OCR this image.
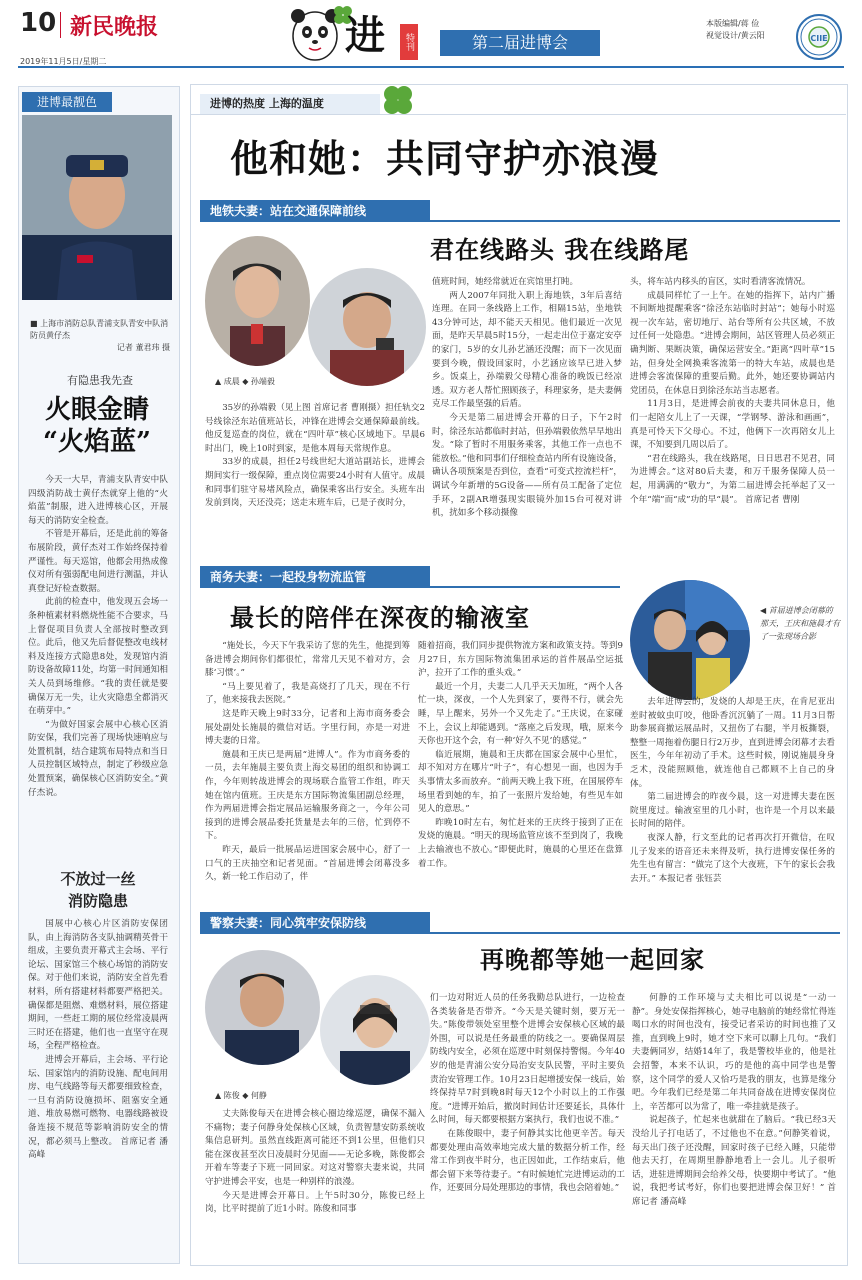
10 新民晚报
2019年11月5日/星期二
进	特刊	第二届进博会
本版编辑/蒋 俭
视觉设计/黄云阳	CIIE
进博最靓色
■ 上海市消防总队青浦支队青安中队消防员黄仔杰
记者 董君玮 摄
有隐患我先查
火眼金睛
“火焰蓝”

今天一大早，青浦支队青安中队四级消防战士黄仔杰就穿上他的“火焰蓝”制服，进入进博核心区，开展每天的消防安全检查。

不管是开幕后，还是此前的筹备布展阶段，黄仔杰对工作始终保持着严谨性。每天巡馆，他都会用热成像仪对所有强弱配电间进行测温，并认真登记好检查数据。

此前的检查中，他发现五会场一条种植素材料燃烧性能不合要求，马上督促项目负责人全部按时整改到位。此后，他又先后督促整改电线材料及连接方式隐患8处，发现馆内消防设备故障11处，均第一时间通知相关人员到场维修。“我的责任就是要确保万无一失，让火灾隐患全都消灭在萌芽中。”

“为做好国家会展中心核心区消防安保，我们完善了现场快速响应与处置机制，结合建筑布局特点和当日人员控制区域特点，制定了秒级应急处置预案，确保核心区消防安全。”黄仔杰说。

不放过一丝
消防隐患

国展中心核心片区消防安保团队，由上海消防各支队抽调精英骨干组成，主要负责开幕式主会场、平行论坛、国家馆三个核心场馆的消防安保。对于他们来说，消防安全首先看材料，所有搭建材料都要严格把关。确保都是阻燃、难燃材料，展位搭建期间，一些赶工期的展位经常凌晨两三时还在搭建，他们也一直坚守在现场，全程严格检查。

进博会开幕后，主会场、平行论坛、国家馆内的消防设施、配电间用房、电气线路等每天都要细致检查，一旦有消防设施损坏、阻塞安全通道、堆放易燃可燃物、电器线路被设备连接不规范等影响消防安全的情况，都必须马上整改。 首席记者 潘高峰

进博的热度 上海的温度
他和她：共同守护亦浪漫
地铁夫妻：站在交通保障前线
君在线路头 我在线路尾
▲ 成晨 ◆ 孙端毅

35岁的孙端毅（见上图 首席记者 曹刚摄）担任轨交2号线徐泾东站值班站长，冲锋在进博会交通保障最前线。他反复巡查的岗位，就在“四叶草”核心区域地下。早晨6时出门，晚上10时到家，是他本周每天常规作息。

33岁的成晨，担任2号线世纪大道站副站长，进博会期间实行一级保障，重点岗位需要24小时有人值守。成晨和同事们驻守易堵风险点，确保乘客出行安全。头班车出发前到岗，天还没亮；送走末班车后，已是子夜时分，

值班时间，她经常就近在宾馆里打盹。

两人2007年同批入职上海地铁，3年后喜结连理。在同一条线路上工作，相隔15站，坐地铁43分钟可达，却不能天天相见。他们最近一次见面，是昨天早晨5时15分，一起走出位于嘉定安亭的家门，5岁的女儿孙艺涵还没醒；而下一次见面要到今晚，假设回家时，小艺涵应该早已进入梦乡。饭桌上，孙端毅父母精心准备的晚饭已经凉透。双方老人帮忙照顾孩子，科理家务，是夫妻俩克尽工作最坚强的后盾。

今天是第二届进博会开幕的日子，下午2时时，徐泾东站都临时封站，但孙端毅依然早早地出发。“除了暂时不用服务乘客，其他工作一点也不能放松。”他和同事们仔细检查站内所有设施设备，确认各项预案是否到位，查看“可变式控流栏杆”，调试今年新增的5G设备——所有员工配备了定位手环，2副AR增强现实眼镜外加15台可视对讲机，扰如多个移动摄像

头，将车站内移头的盲区，实时看清客流情况。

成晨同样忙了一上午。在她的指挥下，站内广播不间断地提醒乘客“徐泾东站临时封站”；她每小时巡视一次车站，密切地厅、站台等所有公共区域，不放过任何一处隐患。“进博会期间，站区管理人员必须正确判断、果断决策，确保运营安全。”距离“四叶草”15站，但身处全网换乘客流第一的特大车站，成晨也是进博会客流保障的重要后勤。此外，她还要协调站内党团员，在休息日到徐泾东站当志愿者。

11月3日，是进博会前夜的夫妻共同休息日，他们一起陪女儿上了一天课，“学钢琴、游泳和画画”，真是可怜天下父母心。不过，他俩下一次再陪女儿上课，不知要到几周以后了。

“君在线路头，我在线路尾，日日思君不见君，同为进博会。”这对80后夫妻，和万千服务保障人员一起，用满满的“敬力”，为第二届进博会托举起了又一个年“端”而“成”功的早“晨”。 首席记者 曹刚

商务夫妻：一起投身物流监管
最长的陪伴在深夜的输液室	◀ 首届进博会闭幕的那天，王庆和施晨才有了一张现场合影

“施处长，今天下午我采访了您的先生，他提到筹备进博会期间你们都很忙，常常几天见不着对方，会膝‘习惯’。”

“马上要见着了，我是高烧打了几天，现在不行了，他来接我去医院。”

这是昨天晚上9时33分，记者和上海市商务委会展处副处长施晨的微信对话。字里行间，亦是一对进博夫妻的日常。

施晨和王庆已是两届“进博人”。作为市商务委的一员，去年施晨主要负责上海交易团的组织和协调工作，今年则转战进博会的现场联合监管工作组，昨天她在馆内值班。王庆是东方国际物流集团副总经理，作为两届进博会指定展品运输服务商之一，今年公司接到的进博会展品委托货量是去年的三倍，忙到停不下。

昨天，最后一批展品运进国家会展中心，舒了一口气的王庆抽空和记者见面。“首届进博会闭幕没多久，新一轮工作启动了，伴

随着招商，我们同步提供物流方案和政策支持。等到9月27日，东方国际物流集团承运的首件展品空运抵沪，拉开了工作的重头戏。”

最近一个月，夫妻二人几乎天天加班，“两个人各忙一块，深夜，一个人先到家了，要得不行，就会先睡，早上醒来，另外一个又先走了。”王庆说，在家碰不上，会议上却能遇到。“落座之后发现，哦，原来今天你也开这个会，有一种‘好久不见’的感觉。”

临近展期，施晨和王庆都在国家会展中心里忙，却不知对方在哪片“叶子”，有心想见一面，也因为手头事情太多而放弃。“前两天晚上我下班，在国展停车场里看到她的车，拍了一张照片发给她，有些见车如见人的意思。”

昨晚10时左右，匆忙赶来的王庆终于接到了正在发烧的施晨。“明天的现场监管应该不至到岗了，我晚上去输液也不放心。”即便此时，施晨的心里还在盘算着工作。

去年进博会的，发烧的人却是王庆，在肯尼亚出差时被蚊虫叮咬，他卧香沉沉躺了一周。11月3日帮助参展商撤运展品时，又扭伤了右腿，半月板撕裂，整整一周拖着伤腿日行2万步，直到进博会闭幕才去看医生，今年年初动了手术。这些时候，刚说施晨身身乏术，没能照顾他，就连他自己都顾不上自己的身体。

第二届进博会的昨夜今晨，这一对进博夫妻在医院里度过。输液室里的几小时，也许是一个月以来最长时间的陪伴。

夜深人静，行文至此的记者再次打开微信，在叹儿子发来的语音还未来得及听，执行进博安保任务的先生也有留言：“做完了这个大夜班，下午的家长会我去开。” 本报记者 张钰芸

警察夫妻：同心筑牢安保防线
再晚都等她一起回家
▲ 陈俊 ◆ 何静

丈夫陈俊每天在进博会核心圈边缘巡逻，确保不漏入不痛物；妻子何静身处保核心区域，负责智慧安防系统收集信息研判。虽然直线距离可能还不到1公里，但他们只能在深夜甚至次日凌晨时分见面——无论多晚，陈俊都会开着车等妻子下班一同回家。对这对警察夫妻来说，共同守护进博会平安，也是一种别样的浪漫。

今天是进博会开幕日。上午5时30分，陈俊已经上岗，比平时提前了近1小时。陈俊和同事

们一边对附近人员的任务我勤总队进行，一边检查各类装备是否带齐。“今天是关键时刻，要万无一失。”陈俊带领处室里整个进博会安保核心区域的最外围，可以说是任务最重的防线之一。要确保周层防线内安全，必须在巡逻中时刻保持警惕。今年40岁的他是青浦公安分局治安支队民警，平时主要负责治安管理工作。10月23日起增援安保一线后，始终保持早7时到晚8时每天12个小时以上的工作强度。“进博开始后，撤岗时间估计还要延长，具体什么时间，每天都要根据方案执行，我们也说不准。”

在陈俊眼中，妻子何静其实比他更辛苦。每天都要处理由高效率地完成大量的数据分析工作，经常工作到夜半时分，也正因如此，工作结束后，他都会留下来等待妻子。“有时候她忙完进博运动的工作，还要回分局处理那边的事情，我也会陪着她。”

何静的工作环境与丈夫相比可以说是“一动一静”。身处安保指挥核心，她寻电脑前的她经常忙得连喝口水的时间也没有，接受记者采访的时间也推了又推，直到晚上9时，她才空下来可以聊上几句。“我们夫妻俩同岁，结婚14年了，我是警校毕业的，他是社会招警，本来不认识，巧的是他的高中同学也是警察，这个同学的爱人又恰巧是我的朋友，也算是缘分吧。今年我们已经是第二年共同奋战在进博安保岗位上，辛苦都可以为常了，唯一牵挂就是孩子。

说起孩子，忙起来也就甜在了脑后。“我已经3天没给儿子打电话了，不过他也不在意。”何静笑着说，每天出门孩子还没醒，回家时孩子已经入睡，只能带他去天打，在周期里静静地看上一会儿。儿子很听话，进驻进博期间会给养父母，快要期中考试了。“他说，我把考试考好，你们也要把进博会保卫好！” 首席记者 潘高峰
